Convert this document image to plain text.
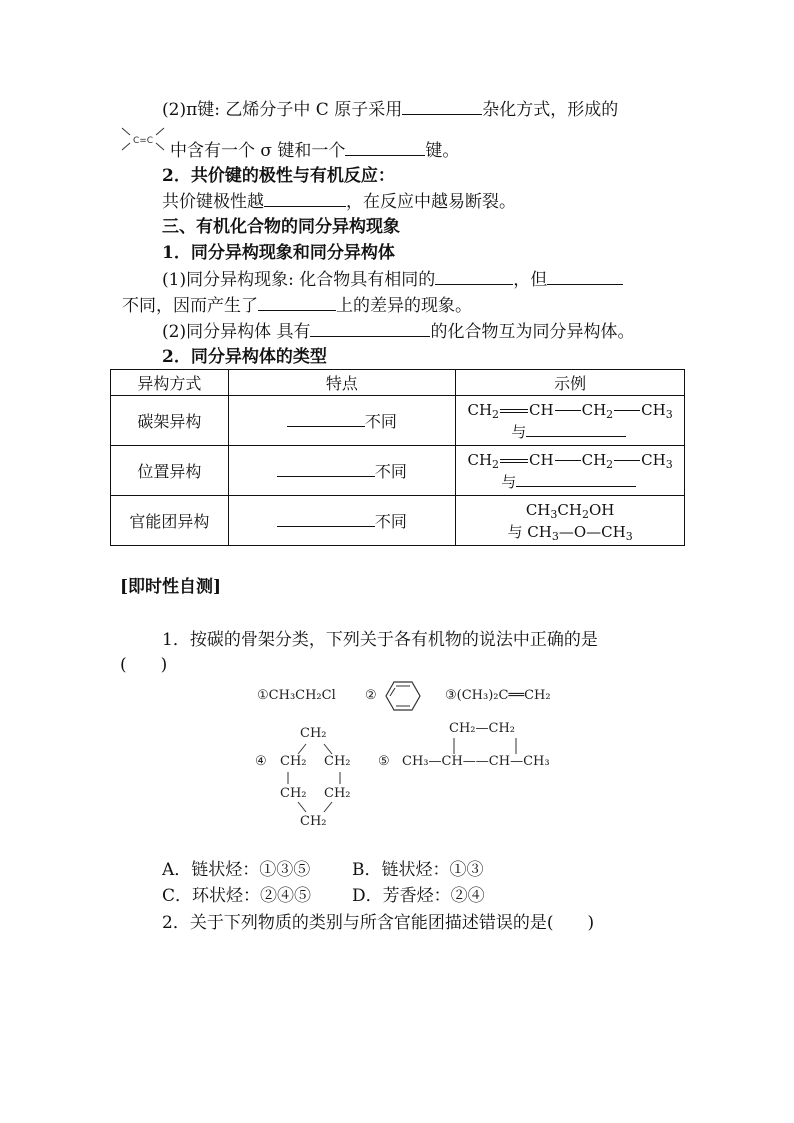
(2)π键: 乙烯分子中 C 原子采用	杂化方式，形成的
C=C 中含有一个 σ 键和一个	键。
2．共价键的极性与有机反应：
共价键极性越	，在反应中越易断裂。
三、有机化合物的同分异构现象
1．同分异构现象和同分异构体
(1)同分异构现象: 化合物具有相同的	，但
不同，因而产生了	上的差异的现象。
(2)同分异构体 具有	的化合物互为同分异构体。
2．同分异构体的类型
异构方式	特点	示例
碳架异构	不同	$CH_2$ CH $CH_2$ $CH_3$
与

位置异构	不同	$CH_2$ CH $CH_2$ $CH_3$
与

官能团异构	不同	$CH_3CH_2OH$
与 $CH_3—O—CH_3$
[即时性自测]
1．按碳的骨架分类，下列关于各有机物的说法中正确的是
(　　)
①CH₃CH₂Cl ②	③(CH₃)₂C══CH₂
④
CH₂
CH₂ CH₂
CH₂ CH₂
CH₂
⑤
CH₂—CH₂
CH₃—CH——CH—CH₃
A．链状烃：①③⑤ B．链状烃：①③
C．环状烃：②④⑤ D．芳香烃：②④
2．关于下列物质的类别与所含官能团描述错误的是(　　)
